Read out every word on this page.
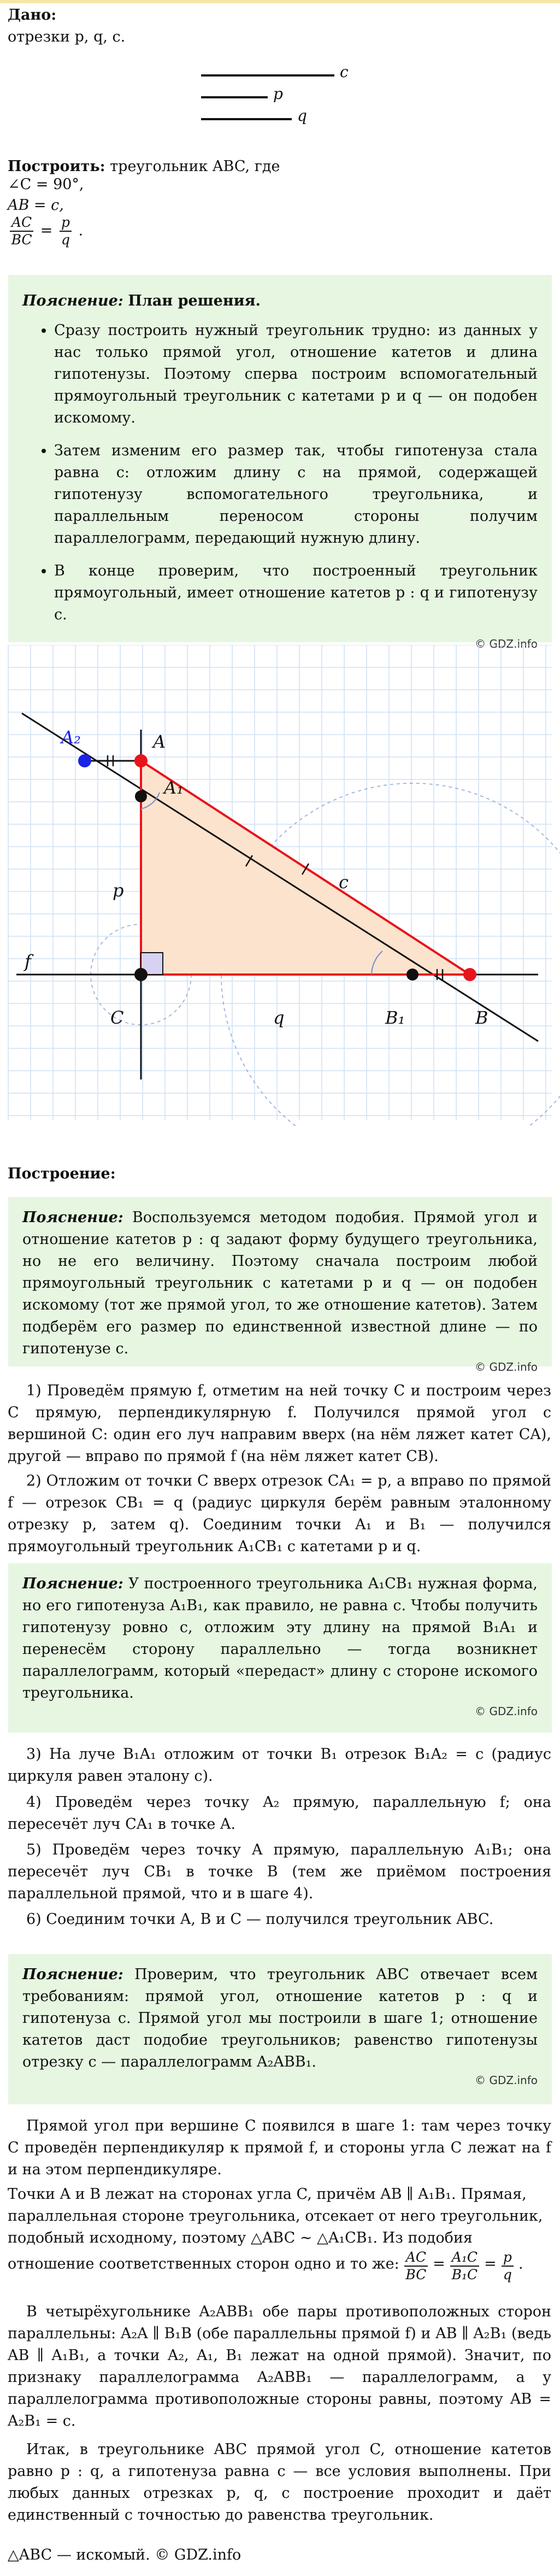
Дано:

отрезки p, q, c.

c
p
q

Построить: треугольник ABC, где

∠C = 90°,

AB = c,

$\frac{AC}{BC} = \frac{p}{q}$ .

Пояснение: План решения.

• Сразу построить нужный треугольник трудно: из данных у нас только прямой угол, отношение катетов и длина гипотенузы. Поэтому сперва построим вспомогательный прямоугольный треугольник с катетами p и q — он подобен искомому.
• Затем изменим его размер так, чтобы гипотенуза стала равна c: отложим длину c на прямой, содержащей гипотенузу вспомогательного треугольника, и параллельным переносом стороны получим параллелограмм, передающий нужную длину.
• В конце проверим, что построенный треугольник прямоугольный, имеет отношение катетов p : q и гипотенузу c.
© GDZ.info
A₂	A
A₁
p	c
f
C	q	B₁	B

Построение:

Пояснение: Воспользуемся методом подобия. Прямой угол и отношение катетов p : q задают форму будущего треугольника, но не его величину. Поэтому сначала построим любой прямоугольный треугольник с катетами p и q — он подобен искомому (тот же прямой угол, то же отношение катетов). Затем подберём его размер по единственной известной длине — по гипотенузе c.

© GDZ.info

1) Проведём прямую f, отметим на ней точку C и построим через C прямую, перпендикулярную f. Получился прямой угол с вершиной C: один его луч направим вверх (на нём ляжет катет CA), другой — вправо по прямой f (на нём ляжет катет CB).

2) Отложим от точки C вверх отрезок CA₁ = p, а вправо по прямой f — отрезок CB₁ = q (радиус циркуля берём равным эталонному отрезку p, затем q). Соединим точки A₁ и B₁ — получился прямоугольный треугольник A₁CB₁ с катетами p и q.

Пояснение: У построенного треугольника A₁CB₁ нужная форма, но его гипотенуза A₁B₁, как правило, не равна c. Чтобы получить гипотенузу ровно c, отложим эту длину на прямой B₁A₁ и перенесём сторону параллельно — тогда возникнет параллелограмм, который «передаст» длину c стороне искомого треугольника.

© GDZ.info

3) На луче B₁A₁ отложим от точки B₁ отрезок B₁A₂ = c (радиус циркуля равен эталону c).

4) Проведём через точку A₂ прямую, параллельную f; она пересечёт луч CA₁ в точке A.

5) Проведём через точку A прямую, параллельную A₁B₁; она пересечёт луч CB₁ в точке B (тем же приёмом построения параллельной прямой, что и в шаге 4).

6) Соединим точки A, B и C — получился треугольник ABC.

Пояснение: Проверим, что треугольник ABC отвечает всем требованиям: прямой угол, отношение катетов p : q и гипотенуза c. Прямой угол мы построили в шаге 1; отношение катетов даст подобие треугольников; равенство гипотенузы отрезку c — параллелограмм A₂ABB₁.

© GDZ.info

Прямой угол при вершине C появился в шаге 1: там через точку C проведён перпендикуляр к прямой f, и стороны угла C лежат на f и на этом перпендикуляре.

Точки A и B лежат на сторонах угла C, причём AB ∥ A₁B₁. Прямая, параллельная стороне треугольника, отсекает от него треугольник, подобный исходному, поэтому △ABC ∼ △A₁CB₁. Из подобия отношение соответственных сторон одно и то же:

$\frac{AC}{BC} = \frac{\text{A₁C}}{\text{B₁C}} = \frac{p}{q}$ .

В четырёхугольнике A₂ABB₁ обе пары противоположных сторон параллельны: A₂A ∥ B₁B (обе параллельны прямой f) и AB ∥ A₂B₁ (ведь AB ∥ A₁B₁, а точки A₂, A₁, B₁ лежат на одной прямой). Значит, по признаку параллелограмма A₂ABB₁ — параллелограмм, а у параллелограмма противоположные стороны равны, поэтому AB = A₂B₁ = c.

Итак, в треугольнике ABC прямой угол C, отношение катетов равно p : q, а гипотенуза равна c — все условия выполнены. При любых данных отрезках p, q, c построение проходит и даёт единственный с точностью до равенства треугольник.

△ABC — искомый. © GDZ.info
